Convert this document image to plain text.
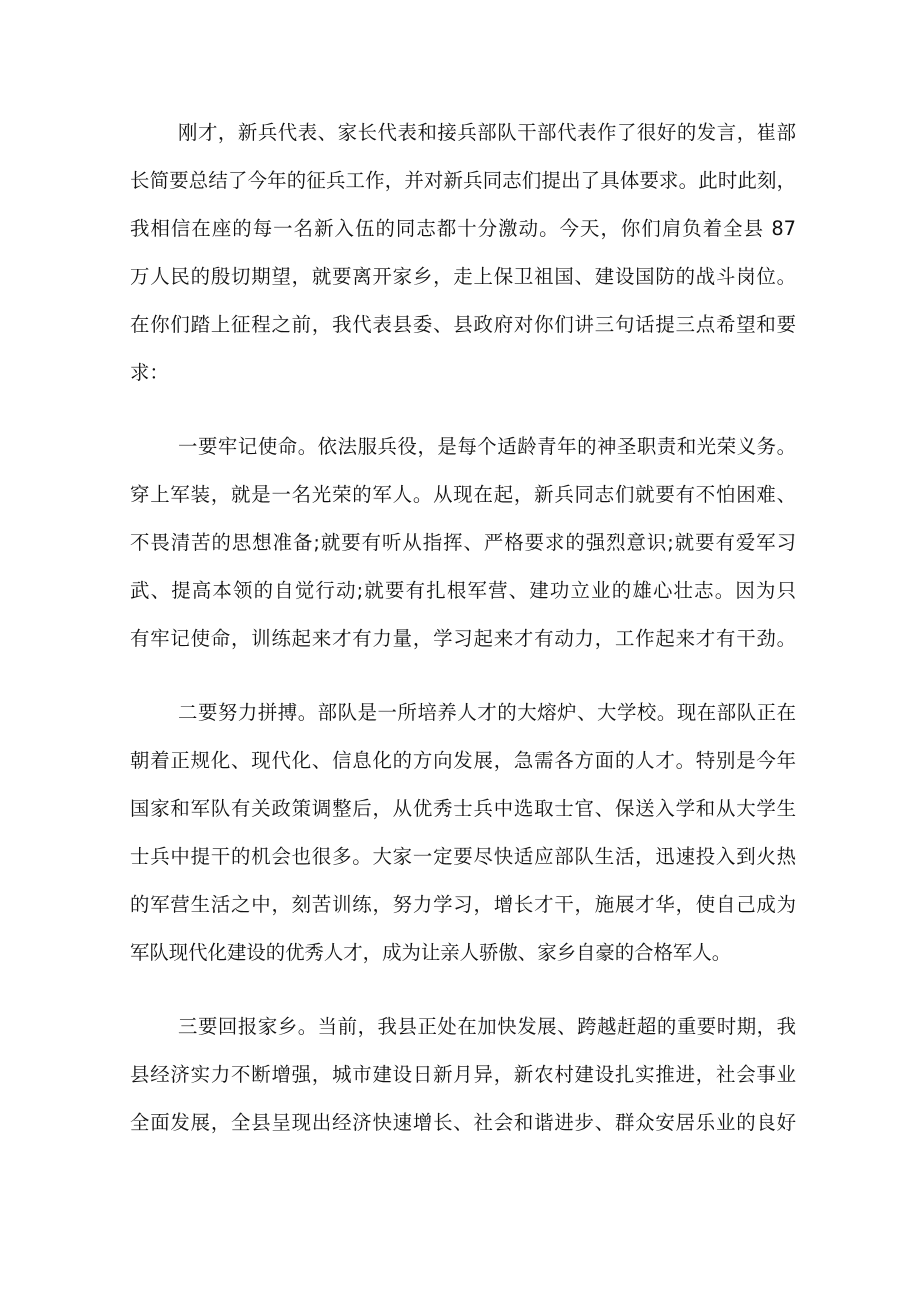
刚才，新兵代表、家长代表和接兵部队干部代表作了很好的发言，崔部
长简要总结了今年的征兵工作，并对新兵同志们提出了具体要求。此时此刻，
我相信在座的每一名新入伍的同志都十分激动。今天，你们肩负着全县 87
万人民的殷切期望，就要离开家乡，走上保卫祖国、建设国防的战斗岗位。
在你们踏上征程之前，我代表县委、县政府对你们讲三句话提三点希望和要
求：
一要牢记使命。依法服兵役，是每个适龄青年的神圣职责和光荣义务。
穿上军装，就是一名光荣的军人。从现在起，新兵同志们就要有不怕困难、
不畏清苦的思想准备;就要有听从指挥、严格要求的强烈意识;就要有爱军习
武、提高本领的自觉行动;就要有扎根军营、建功立业的雄心壮志。因为只
有牢记使命，训练起来才有力量，学习起来才有动力，工作起来才有干劲。
二要努力拼搏。部队是一所培养人才的大熔炉、大学校。现在部队正在
朝着正规化、现代化、信息化的方向发展，急需各方面的人才。特别是今年
国家和军队有关政策调整后，从优秀士兵中选取士官、保送入学和从大学生
士兵中提干的机会也很多。大家一定要尽快适应部队生活，迅速投入到火热
的军营生活之中，刻苦训练，努力学习，增长才干，施展才华，使自己成为
军队现代化建设的优秀人才，成为让亲人骄傲、家乡自豪的合格军人。
三要回报家乡。当前，我县正处在加快发展、跨越赶超的重要时期，我
县经济实力不断增强，城市建设日新月异，新农村建设扎实推进，社会事业
全面发展，全县呈现出经济快速增长、社会和谐进步、群众安居乐业的良好
